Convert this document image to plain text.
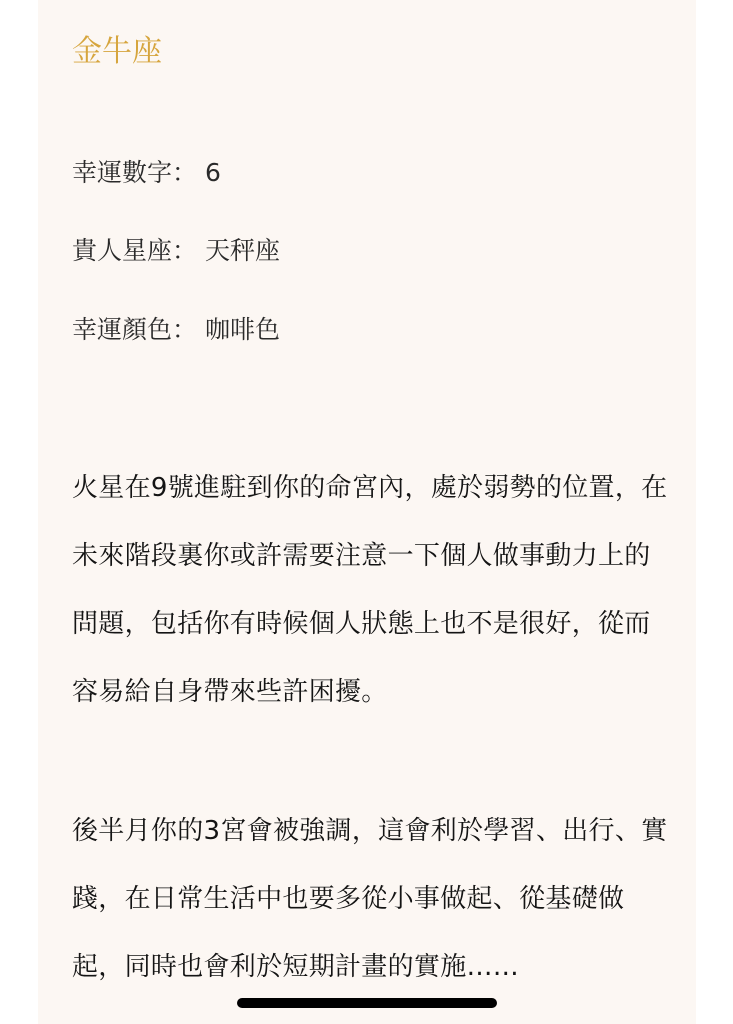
金牛座
幸運數字： 6
貴人星座： 天秤座
幸運顏色： 咖啡色

火星在9號進駐到你的命宮內，處於弱勢的位置，在未來階段裏你或許需要注意一下個人做事動力上的問題，包括你有時候個人狀態上也不是很好，從而容易給自身帶來些許困擾。

後半月你的3宮會被強調，這會利於學習、出行、實踐，在日常生活中也要多從小事做起、從基礎做起，同時也會利於短期計畫的實施……
